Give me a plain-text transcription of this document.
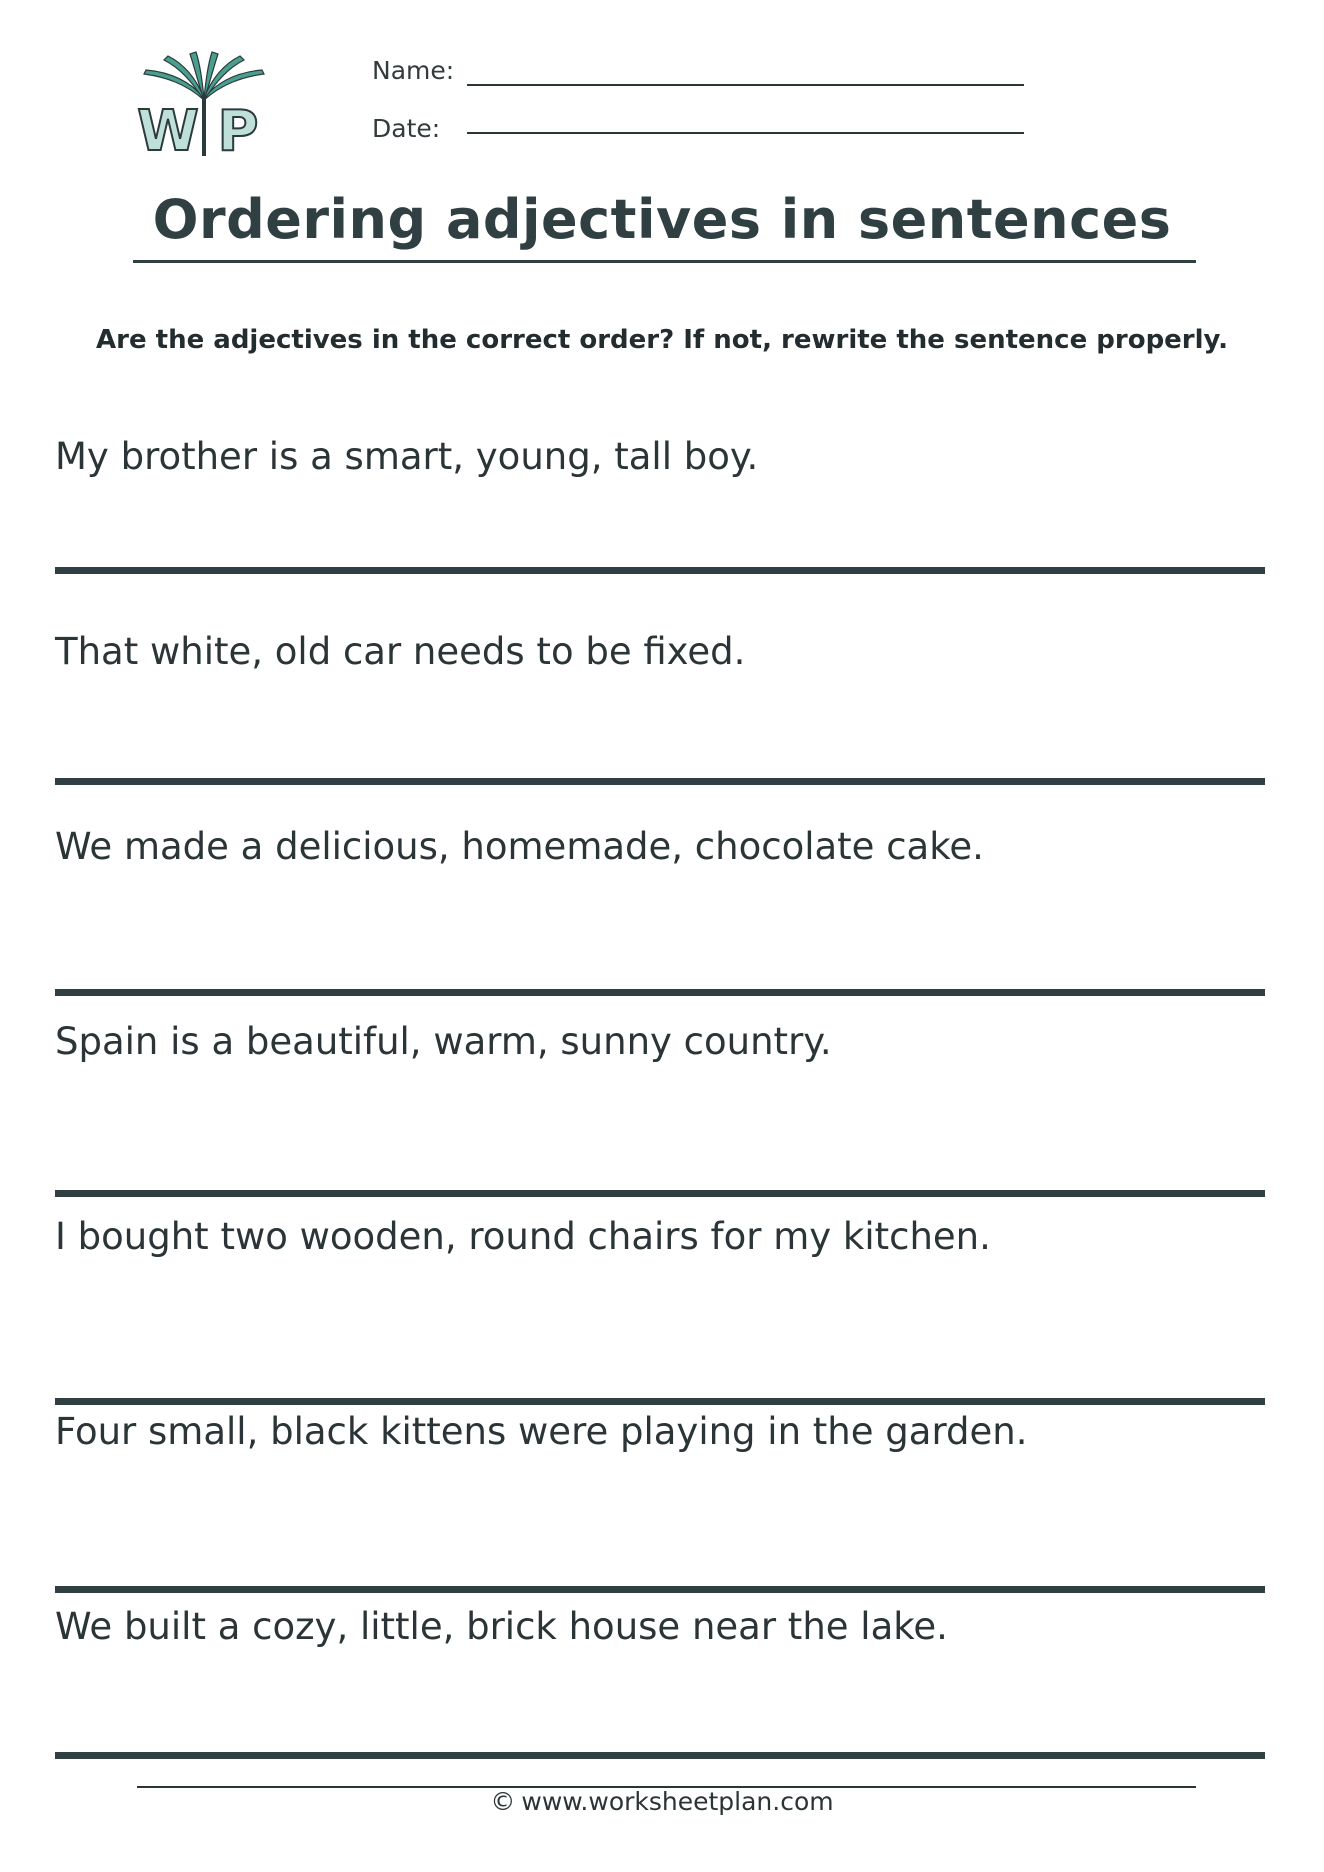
W P
Name:
Date:
Ordering adjectives in sentences
Are the adjectives in the correct order? If not, rewrite the sentence properly.
My brother is a smart, young, tall boy.
That white, old car needs to be fixed.
We made a delicious, homemade, chocolate cake.
Spain is a beautiful, warm, sunny country.
I bought two wooden, round chairs for my kitchen.
Four small, black kittens were playing in the garden.
We built a cozy, little, brick house near the lake.
© www.worksheetplan.com
